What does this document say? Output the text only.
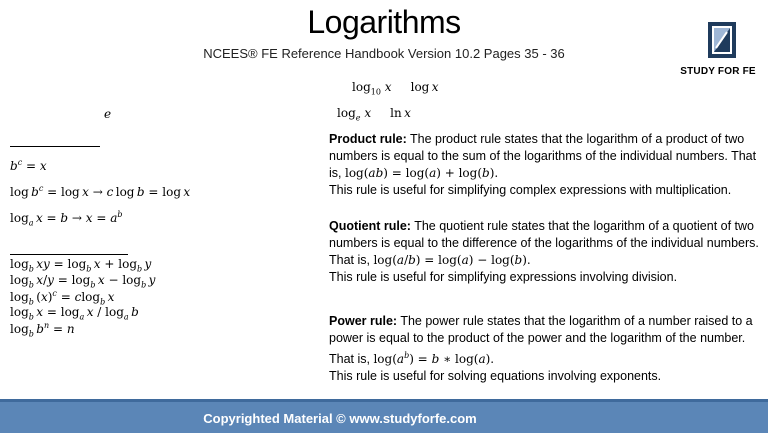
Logarithms
NCEES® FE Reference Handbook Version 10.2 Pages 35 - 36
STUDY FOR FE
$\log_{10} x$     log x
$\log_e x$     ln x
e
$b^c = x$
$\log b^c = \log x \to c$ log b = log x
$\log_a x = b \to x = a^b$
$\log_b$  xy = $\log_b x + \log_b y$
$\log_b x/y = \log_b x - \log_b y$
$\log_b (x)^c = clog_b$  x
$\log_b x = \log_a x / \log_a b$
$\log_b b^n = n$
Product rule: The product rule states that the logarithm of a product of two numbers is equal to the sum of the logarithms of the individual numbers. That is, log(ab) = log(a) + log(b).
This rule is useful for simplifying complex expressions with multiplication.
Quotient rule: The quotient rule states that the logarithm of a quotient of two numbers is equal to the difference of the logarithms of the individual numbers. That is, log(a/b) = log(a) − log(b).
This rule is useful for simplifying expressions involving division.
Power rule: The power rule states that the logarithm of a number raised to a power is equal to the product of the power and the logarithm of the number. That is, $\log(a^b) = b$ ∗ log(a).
This rule is useful for solving equations involving exponents.
Copyrighted Material © www.studyforfe.com
